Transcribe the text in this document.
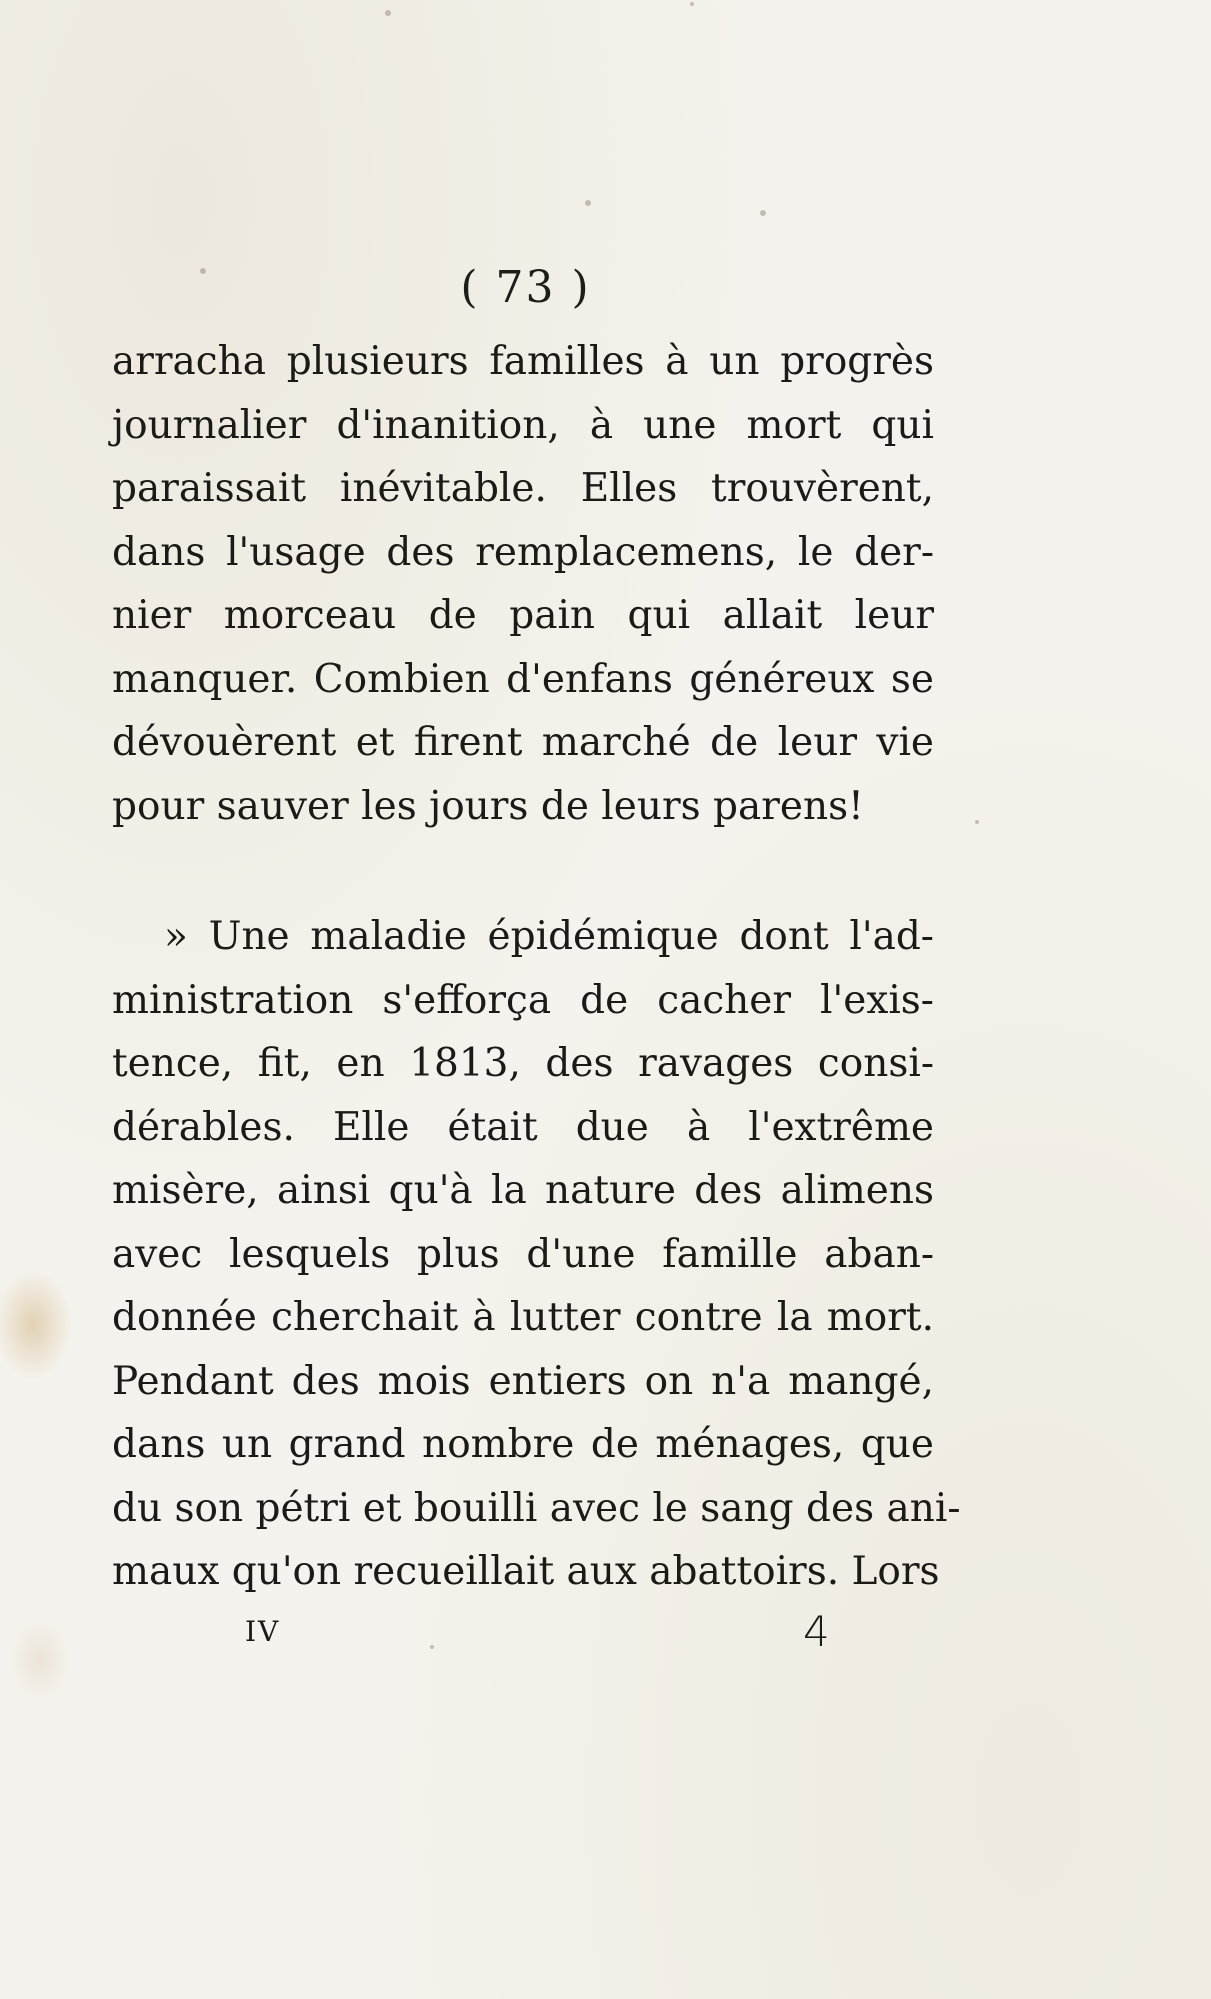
( 73 )
arracha plusieurs familles à un progrès
journalier d'inanition, à une mort qui
paraissait inévitable. Elles trouvèrent,
dans l'usage des remplacemens, le der-
nier morceau de pain qui allait leur
manquer. Combien d'enfans généreux se
dévouèrent et firent marché de leur vie
pour sauver les jours de leurs parens!
» Une maladie épidémique dont l'ad-
ministration s'efforça de cacher l'exis-
tence, fit, en 1813, des ravages consi-
dérables. Elle était due à l'extrême
misère, ainsi qu'à la nature des alimens
avec lesquels plus d'une famille aban-
donnée cherchait à lutter contre la mort.
Pendant des mois entiers on n'a mangé,
dans un grand nombre de ménages, que
du son pétri et bouilli avec le sang des ani-
maux qu'on recueillait aux abattoirs. Lors
IV	4
